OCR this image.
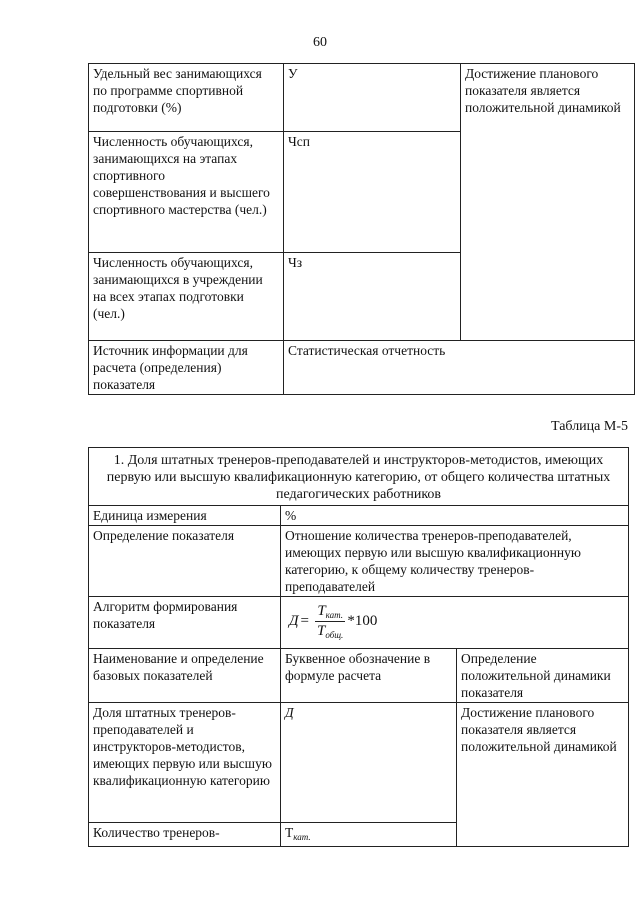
60
Удельный вес занимающихся по программе спортивной подготовки (%)	У	Достижение планового показателя является положительной динамикой
Численность обучающихся, занимающихся на этапах спортивного совершенствования и высшего спортивного мастерства (чел.)	Чсп	
Численность обучающихся, занимающихся в учреждении на всех этапах подготовки (чел.)	Чз	
Источник информации для расчета (определения) показателя	Статистическая отчетность	
Таблица М-5
1. Доля штатных тренеров-преподавателей и инструкторов-методистов, имеющих первую или высшую квалификационную категорию, от общего количества штатных педагогических работников		
Единица измерения	%	
Определение показателя	Отношение количества тренеров-преподавателей, имеющих первую или высшую квалификационную категорию, к общему количеству тренеров-преподавателей	
Алгоритм формирования показателя	$Д = \frac{T_{кат.}}{T_{общ.}} *100$	

Наименование и определение базовых показателей	Буквенное обозначение в формуле расчета	Определение положительной динамики показателя
Доля штатных тренеров-преподавателей и инструкторов-методистов, имеющих первую или высшую квалификационную категорию	Д	Достижение планового показателя является положительной динамикой
Количество тренеров-	$Т_{кат.}$
